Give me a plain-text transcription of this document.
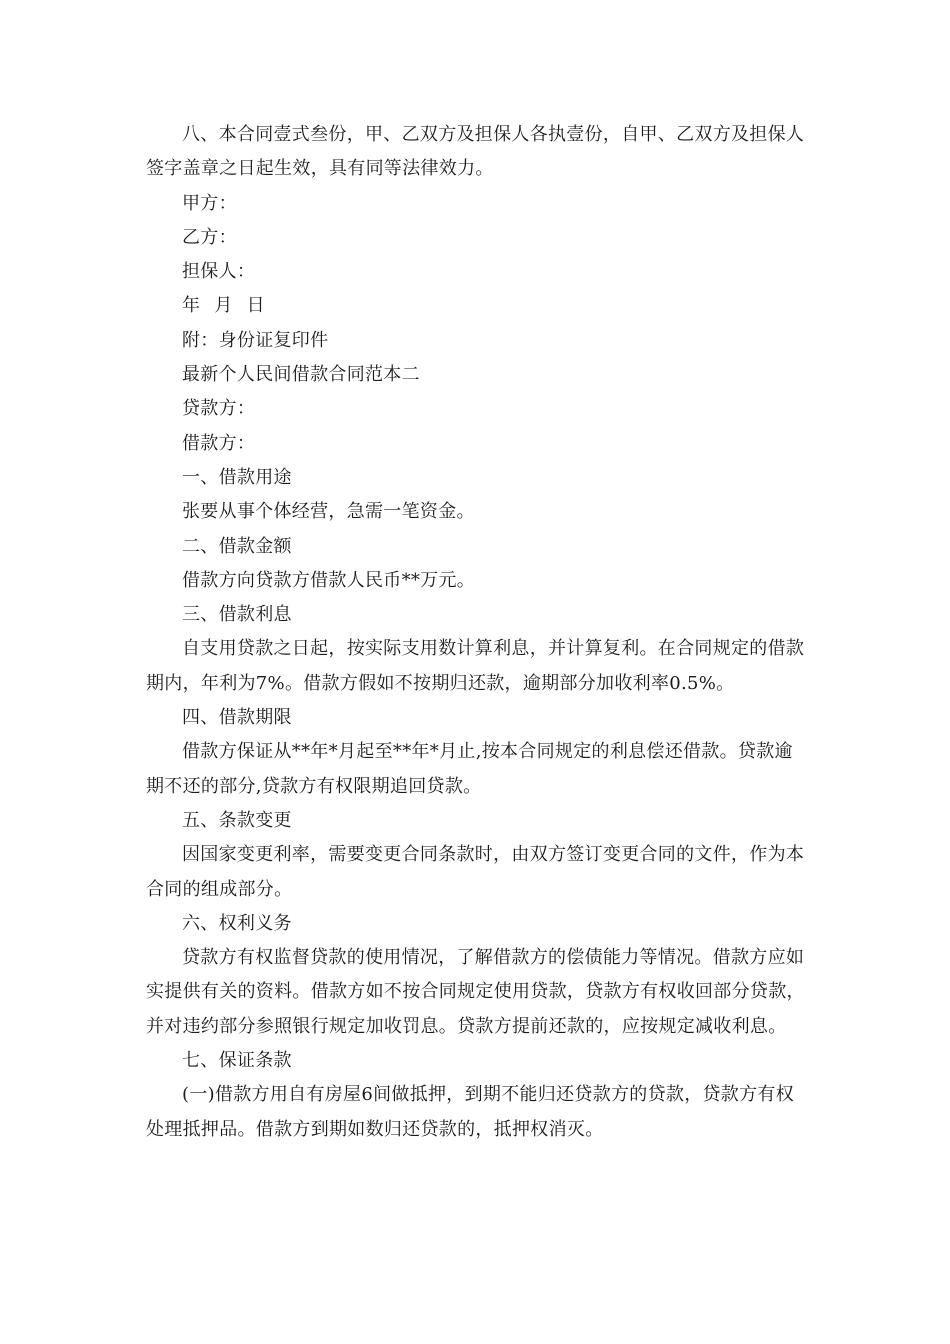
八、本合同壹式叁份，甲、乙双方及担保人各执壹份，自甲、乙双方及担保人签字盖章之日起生效，具有同等法律效力。

甲方：

乙方：

担保人：

年 月 日

附：身份证复印件

最新个人民间借款合同范本二

贷款方：

借款方：

一、借款用途

张要从事个体经营，急需一笔资金。

二、借款金额

借款方向贷款方借款人民币**万元。

三、借款利息

自支用贷款之日起，按实际支用数计算利息，并计算复利。在合同规定的借款期内，年利为7%。借款方假如不按期归还款，逾期部分加收利率0.5%。

四、借款期限

借款方保证从**年*月起至**年*月止,按本合同规定的利息偿还借款。贷款逾期不还的部分,贷款方有权限期追回贷款。

五、条款变更

因国家变更利率，需要变更合同条款时，由双方签订变更合同的文件，作为本合同的组成部分。

六、权利义务

贷款方有权监督贷款的使用情况，了解借款方的偿债能力等情况。借款方应如实提供有关的资料。借款方如不按合同规定使用贷款，贷款方有权收回部分贷款，并对违约部分参照银行规定加收罚息。贷款方提前还款的，应按规定减收利息。

七、保证条款

(一)借款方用自有房屋6间做抵押，到期不能归还贷款方的贷款，贷款方有权处理抵押品。借款方到期如数归还贷款的，抵押权消灭。
